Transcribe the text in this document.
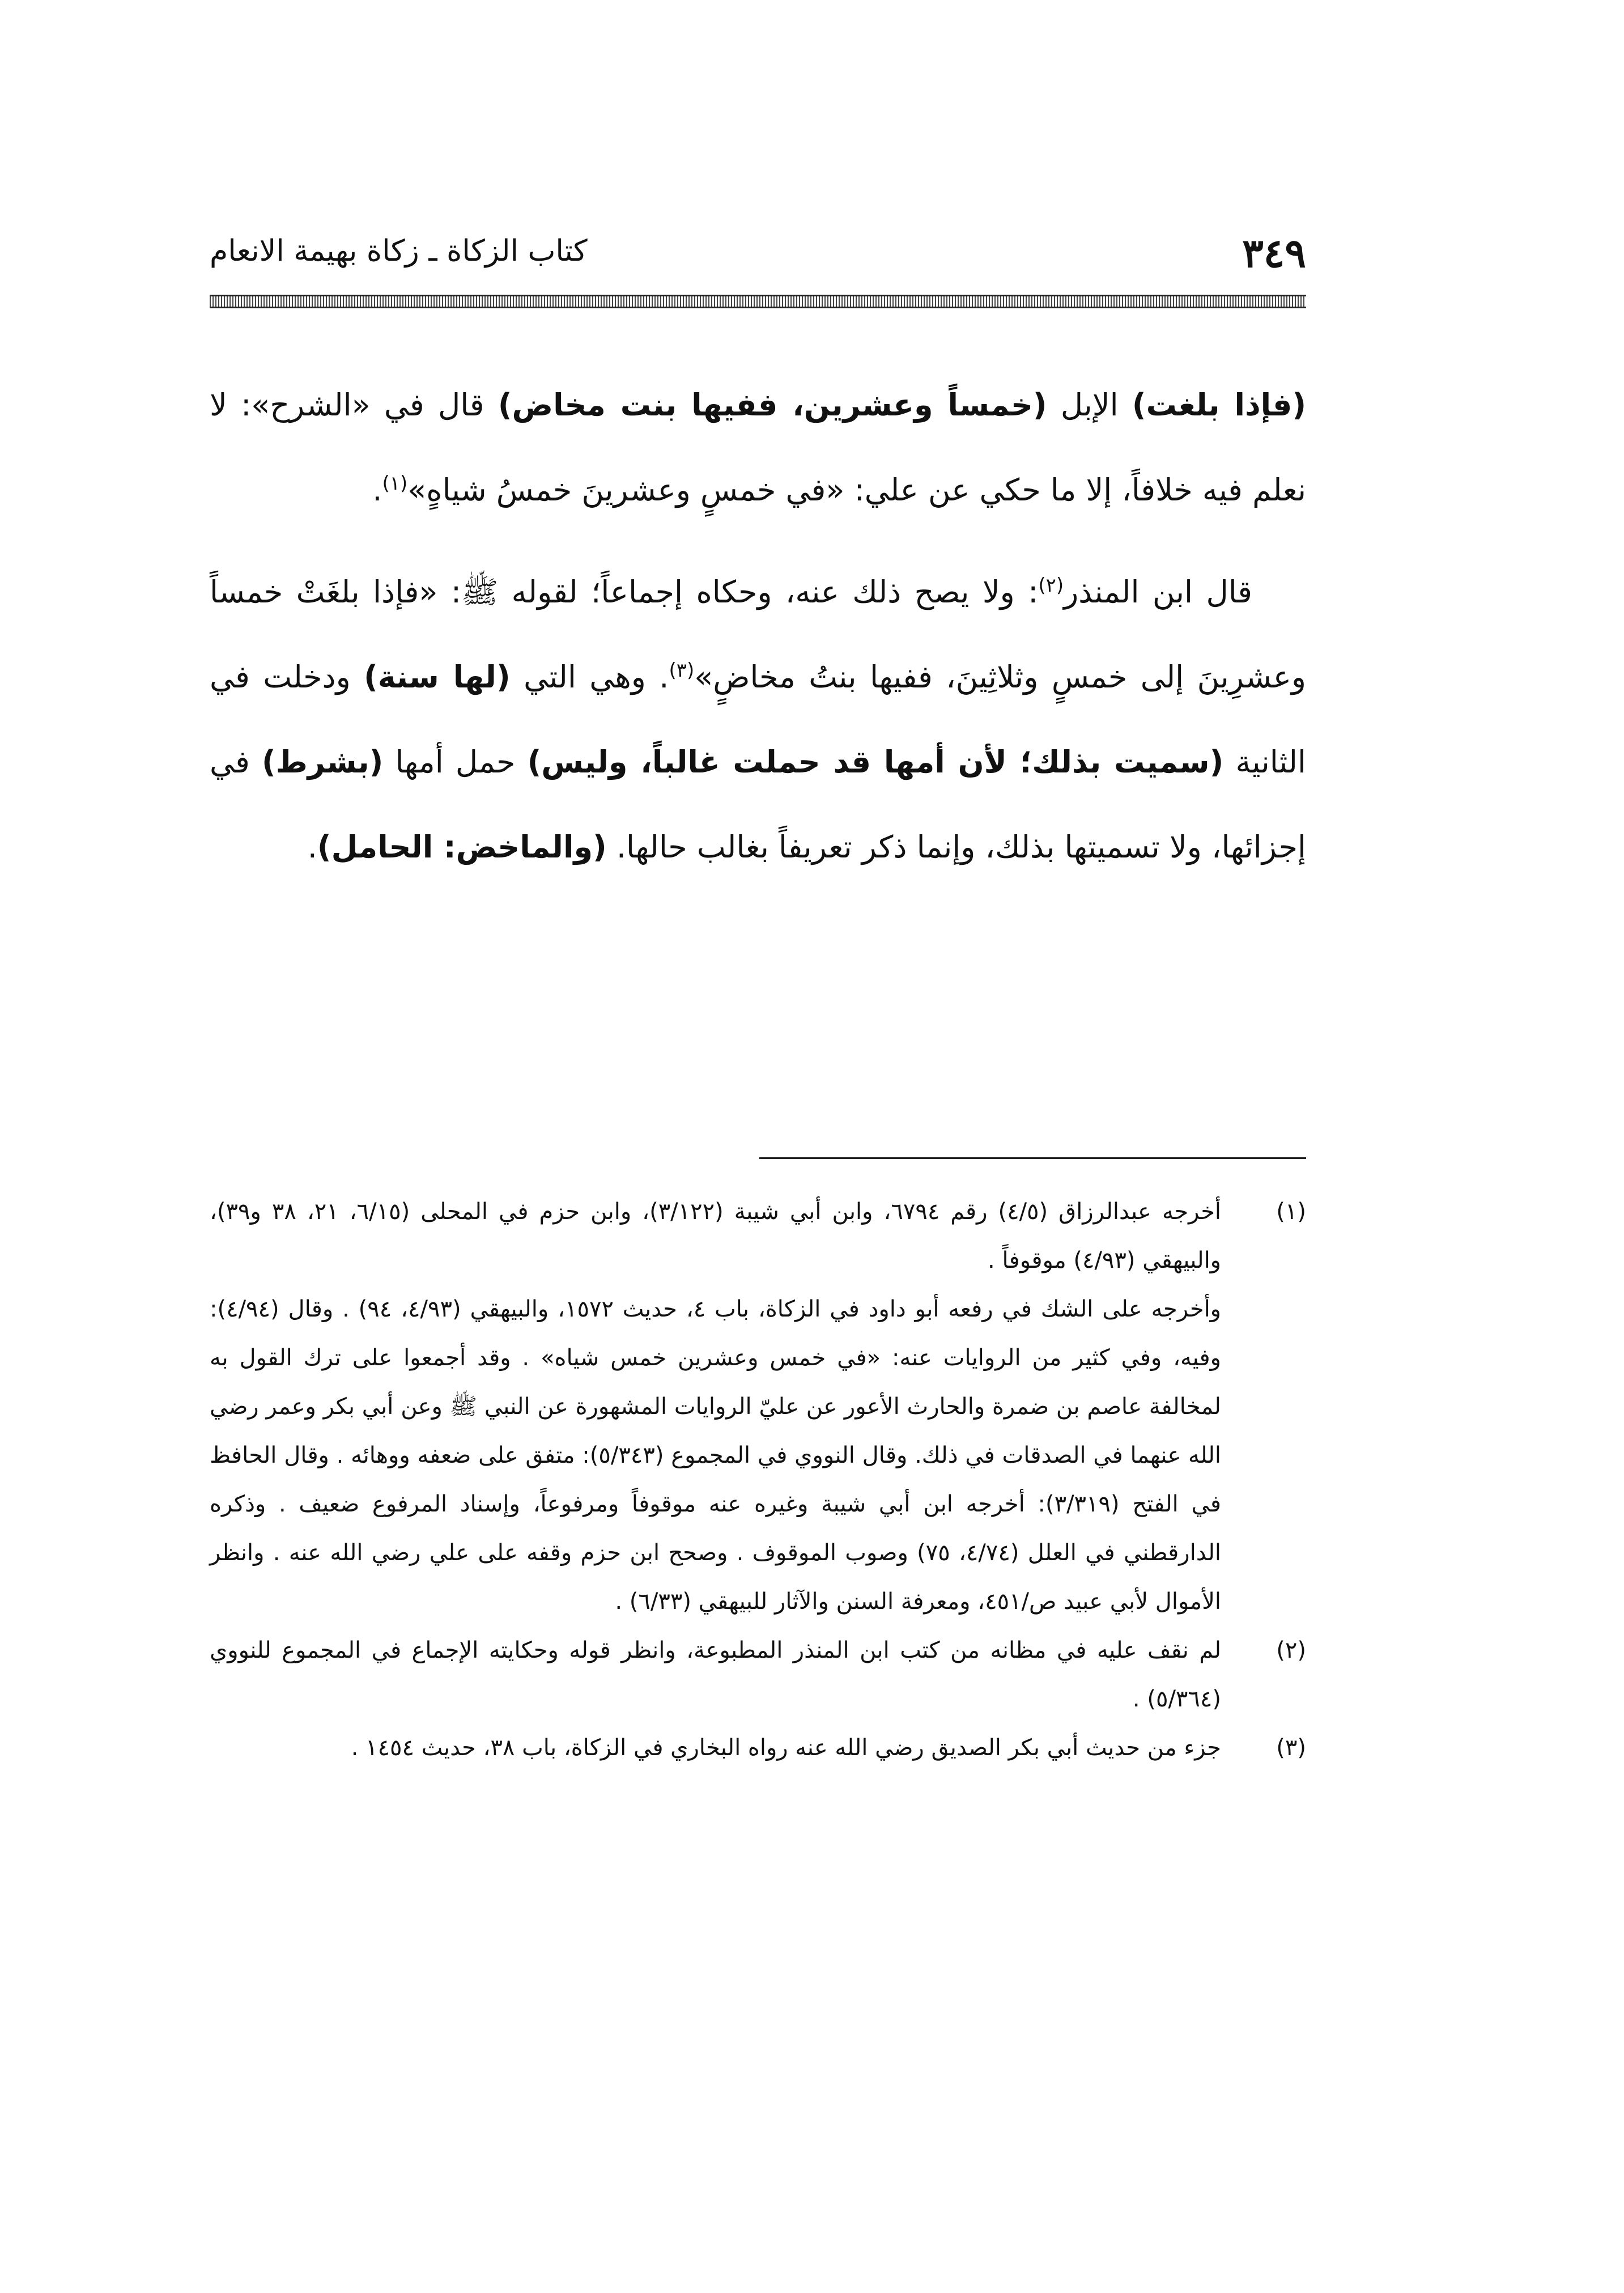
٣٤٩
كتاب الزكاة ـ زكاة بهيمة الانعام

(فإذا بلغت) الإبل (خمساً وعشرين، ففيها بنت مخاض) قال في «الشرح»: لا نعلم فيه خلافاً، إلا ما حكي عن علي: «في خمسٍ وعشرينَ خمسُ شياهٍ»$^{(١)}$.

قال ابن المنذر$^{(٢)}$: ولا يصح ذلك عنه، وحكاه إجماعاً؛ لقوله ﷺ: «فإذا بلغَتْ خمساً وعشرِينَ إلى خمسٍ وثلاثِينَ، ففيها بنتُ مخاضٍ»$^{(٣)}$. وهي التي (لها سنة) ودخلت في الثانية (سميت بذلك؛ لأن أمها قد حملت غالباً، وليس) حمل أمها (بشرط) في إجزائها، ولا تسميتها بذلك، وإنما ذكر تعريفاً بغالب حالها. (والماخض: الحامل).

(١)

أخرجه عبدالرزاق (٤/٥) رقم ٦٧٩٤، وابن أبي شيبة (٣/١٢٢)، وابن حزم في المحلى (٦/١٥، ٢١، ٣٨ و٣٩)، والبيهقي (٤/٩٣) موقوفاً .

وأخرجه على الشك في رفعه أبو داود في الزكاة، باب ٤، حديث ١٥٧٢، والبيهقي (٤/٩٣، ٩٤) . وقال (٤/٩٤): وفيه، وفي كثير من الروايات عنه: «في خمس وعشرين خمس شياه» . وقد أجمعوا على ترك القول به لمخالفة عاصم بن ضمرة والحارث الأعور عن عليّ الروايات المشهورة عن النبي ﷺ وعن أبي بكر وعمر رضي الله عنهما في الصدقات في ذلك. وقال النووي في المجموع (٥/٣٤٣): متفق على ضعفه ووهائه . وقال الحافظ في الفتح (٣/٣١٩): أخرجه ابن أبي شيبة وغيره عنه موقوفاً ومرفوعاً، وإسناد المرفوع ضعيف . وذكره الدارقطني في العلل (٤/٧٤، ٧٥) وصوب الموقوف . وصحح ابن حزم وقفه على علي رضي الله عنه . وانظر الأموال لأبي عبيد ص/٤٥١، ومعرفة السنن والآثار للبيهقي (٦/٣٣) .

(٢)

لم نقف عليه في مظانه من كتب ابن المنذر المطبوعة، وانظر قوله وحكايته الإجماع في المجموع للنووي (٥/٣٦٤) .

(٣)

جزء من حديث أبي بكر الصديق رضي الله عنه رواه البخاري في الزكاة، باب ٣٨، حديث ١٤٥٤ .
